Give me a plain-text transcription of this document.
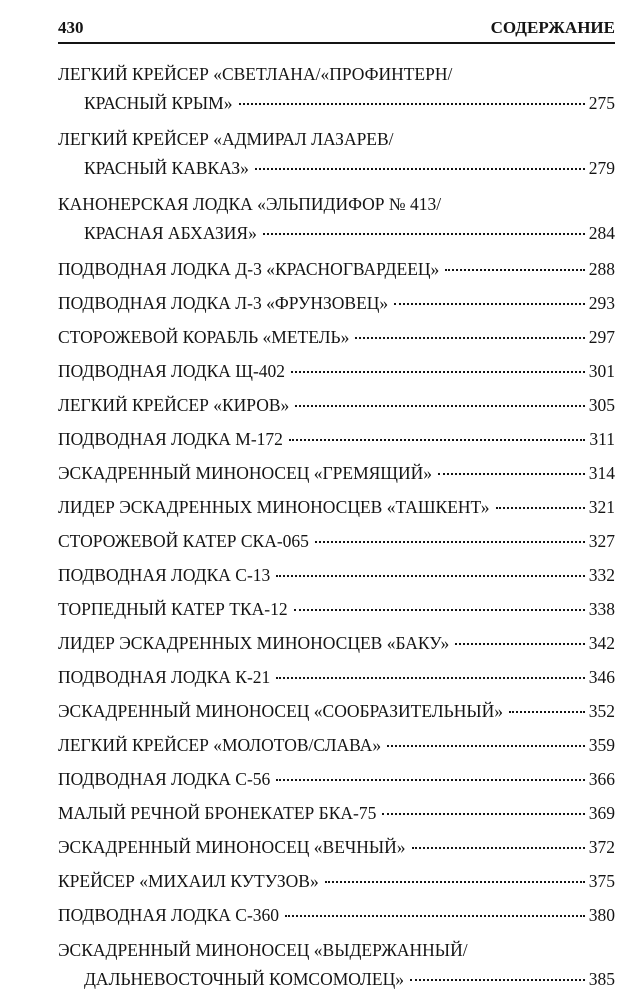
430	СОДЕРЖАНИЕ
ЛЕГКИЙ КРЕЙСЕР «СВЕТЛАНА/«ПРОФИНТЕРН/
КРАСНЫЙ КРЫМ»	275
ЛЕГКИЙ КРЕЙСЕР «АДМИРАЛ ЛАЗАРЕВ/
КРАСНЫЙ КАВКАЗ»	279
КАНОНЕРСКАЯ ЛОДКА «ЭЛЬПИДИФОР № 413/
КРАСНАЯ АБХАЗИЯ»	284
ПОДВОДНАЯ ЛОДКА Д-3 «КРАСНОГВАРДЕЕЦ»	288
ПОДВОДНАЯ ЛОДКА Л-3 «ФРУНЗОВЕЦ»	293
СТОРОЖЕВОЙ КОРАБЛЬ «МЕТЕЛЬ»	297
ПОДВОДНАЯ ЛОДКА Щ-402	301
ЛЕГКИЙ КРЕЙСЕР «КИРОВ»	305
ПОДВОДНАЯ ЛОДКА М-172	311
ЭСКАДРЕННЫЙ МИНОНОСЕЦ «ГРЕМЯЩИЙ»	314
ЛИДЕР ЭСКАДРЕННЫХ МИНОНОСЦЕВ «ТАШКЕНТ»	321
СТОРОЖЕВОЙ КАТЕР СКА-065	327
ПОДВОДНАЯ ЛОДКА С-13	332
ТОРПЕДНЫЙ КАТЕР ТКА-12	338
ЛИДЕР ЭСКАДРЕННЫХ МИНОНОСЦЕВ «БАКУ»	342
ПОДВОДНАЯ ЛОДКА К-21	346
ЭСКАДРЕННЫЙ МИНОНОСЕЦ «СООБРАЗИТЕЛЬНЫЙ»	352
ЛЕГКИЙ КРЕЙСЕР «МОЛОТОВ/СЛАВА»	359
ПОДВОДНАЯ ЛОДКА С-56	366
МАЛЫЙ РЕЧНОЙ БРОНЕКАТЕР БКА-75	369
ЭСКАДРЕННЫЙ МИНОНОСЕЦ «ВЕЧНЫЙ»	372
КРЕЙСЕР «МИХАИЛ КУТУЗОВ»	375
ПОДВОДНАЯ ЛОДКА С-360	380
ЭСКАДРЕННЫЙ МИНОНОСЕЦ «ВЫДЕРЖАННЫЙ/
ДАЛЬНЕВОСТОЧНЫЙ КОМСОМОЛЕЦ»	385
